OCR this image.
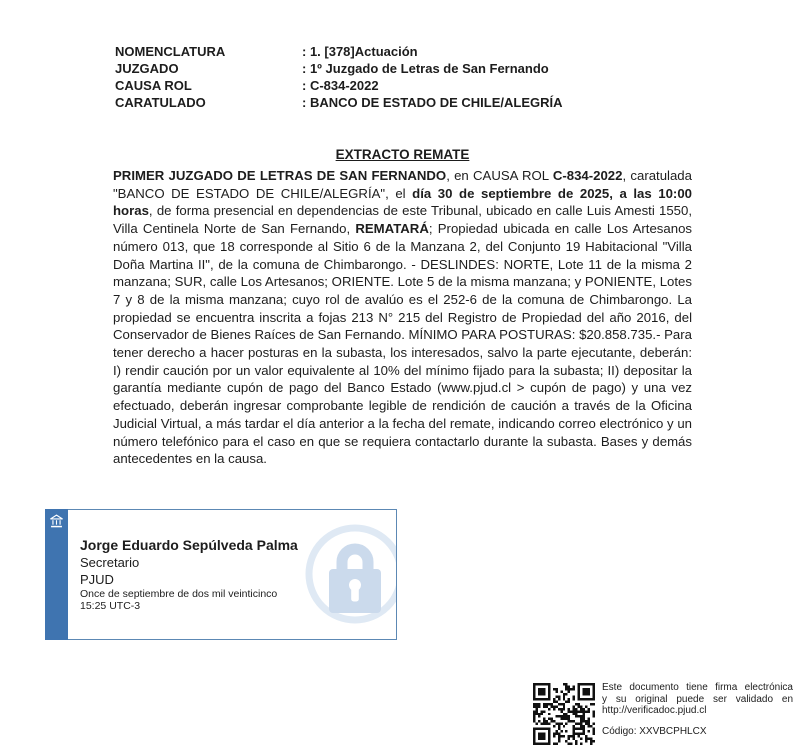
NOMENCLATURA	: 1. [378]Actuación
JUZGADO	: 1º Juzgado de Letras de San Fernando
CAUSA ROL	: C-834-2022
CARATULADO	: BANCO DE ESTADO DE CHILE/ALEGRÍA
EXTRACTO REMATE
PRIMER JUZGADO DE LETRAS DE SAN FERNANDO, en CAUSA ROL C-834-2022, caratulada "BANCO DE ESTADO DE CHILE/ALEGRÍA", el día 30 de septiembre de 2025, a las 10:00 horas, de forma presencial en dependencias de este Tribunal, ubicado en calle Luis Amesti 1550, Villa Centinela Norte de San Fernando, REMATARÁ; Propiedad ubicada en calle Los Artesanos número 013, que 18 corresponde al Sitio 6 de la Manzana 2, del Conjunto 19 Habitacional "Villa Doña Martina II", de la comuna de Chimbarongo. - DESLINDES: NORTE, Lote 11 de la misma 2 manzana; SUR, calle Los Artesanos; ORIENTE. Lote 5 de la misma manzana; y PONIENTE, Lotes 7 y 8 de la misma manzana; cuyo rol de avalúo es el 252-6 de la comuna de Chimbarongo. La propiedad se encuentra inscrita a fojas 213 N° 215 del Registro de Propiedad del año 2016, del Conservador de Bienes Raíces de San Fernando. MÍNIMO PARA POSTURAS: $20.858.735.- Para tener derecho a hacer posturas en la subasta, los interesados, salvo la parte ejecutante, deberán: I) rendir caución por un valor equivalente al 10% del mínimo fijado para la subasta; II) depositar la garantía mediante cupón de pago del Banco Estado (www.pjud.cl > cupón de pago) y una vez efectuado, deberán ingresar comprobante legible de rendición de caución a través de la Oficina Judicial Virtual, a más tardar el día anterior a la fecha del remate, indicando correo electrónico y un número telefónico para el caso en que se requiera contactarlo durante la subasta. Bases y demás antecedentes en la causa.
Jorge Eduardo Sepúlveda Palma
Secretario
PJUD
Once de septiembre de dos mil veinticinco
15:25 UTC-3
Este documento tiene firma electrónica
y su original puede ser validado en
http://verificadoc.pjud.cl
Código: XXVBCPHLCX
